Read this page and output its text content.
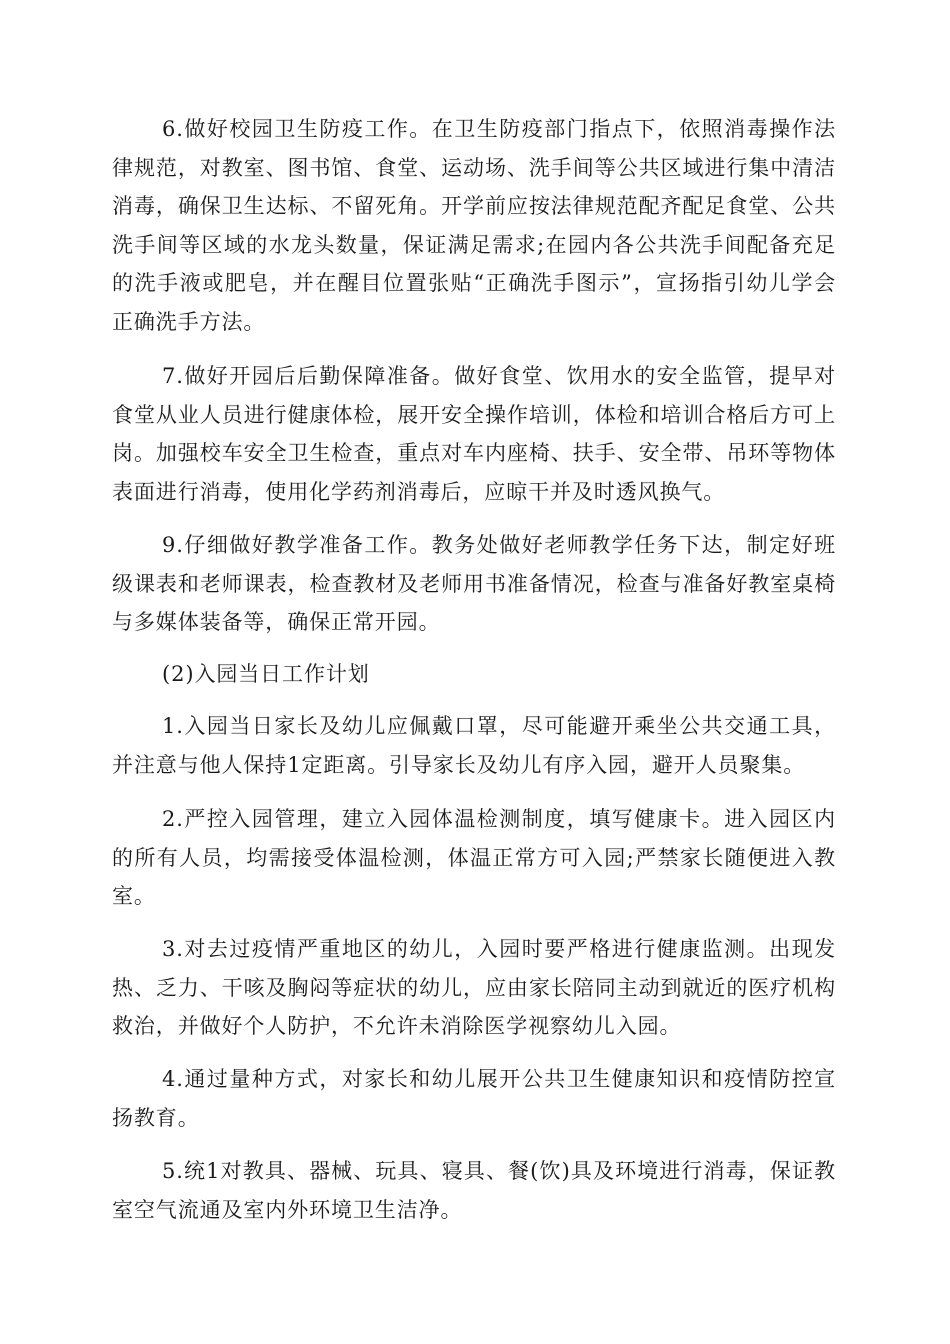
6.做好校园卫生防疫工作。在卫生防疫部门指点下，依照消毒操作法律规范，对教室、图书馆、食堂、运动场、洗手间等公共区域进行集中清洁消毒，确保卫生达标、不留死角。开学前应按法律规范配齐配足食堂、公共洗手间等区域的水龙头数量，保证满足需求;在园内各公共洗手间配备充足的洗手液或肥皂，并在醒目位置张贴“正确洗手图示”，宣扬指引幼儿学会正确洗手方法。

7.做好开园后后勤保障准备。做好食堂、饮用水的安全监管，提早对食堂从业人员进行健康体检，展开安全操作培训，体检和培训合格后方可上岗。加强校车安全卫生检查，重点对车内座椅、扶手、安全带、吊环等物体表面进行消毒，使用化学药剂消毒后，应晾干并及时透风换气。

9.仔细做好教学准备工作。教务处做好老师教学任务下达，制定好班级课表和老师课表，检查教材及老师用书准备情况，检查与准备好教室桌椅与多媒体装备等，确保正常开园。

(2)入园当日工作计划

1.入园当日家长及幼儿应佩戴口罩，尽可能避开乘坐公共交通工具，并注意与他人保持1定距离。引导家长及幼儿有序入园，避开人员聚集。

2.严控入园管理，建立入园体温检测制度，填写健康卡。进入园区内的所有人员，均需接受体温检测，体温正常方可入园;严禁家长随便进入教室。

3.对去过疫情严重地区的幼儿，入园时要严格进行健康监测。出现发热、乏力、干咳及胸闷等症状的幼儿，应由家长陪同主动到就近的医疗机构救治，并做好个人防护，不允许未消除医学视察幼儿入园。

4.通过量种方式，对家长和幼儿展开公共卫生健康知识和疫情防控宣扬教育。

5.统1对教具、器械、玩具、寝具、餐(饮)具及环境进行消毒，保证教室空气流通及室内外环境卫生洁净。
